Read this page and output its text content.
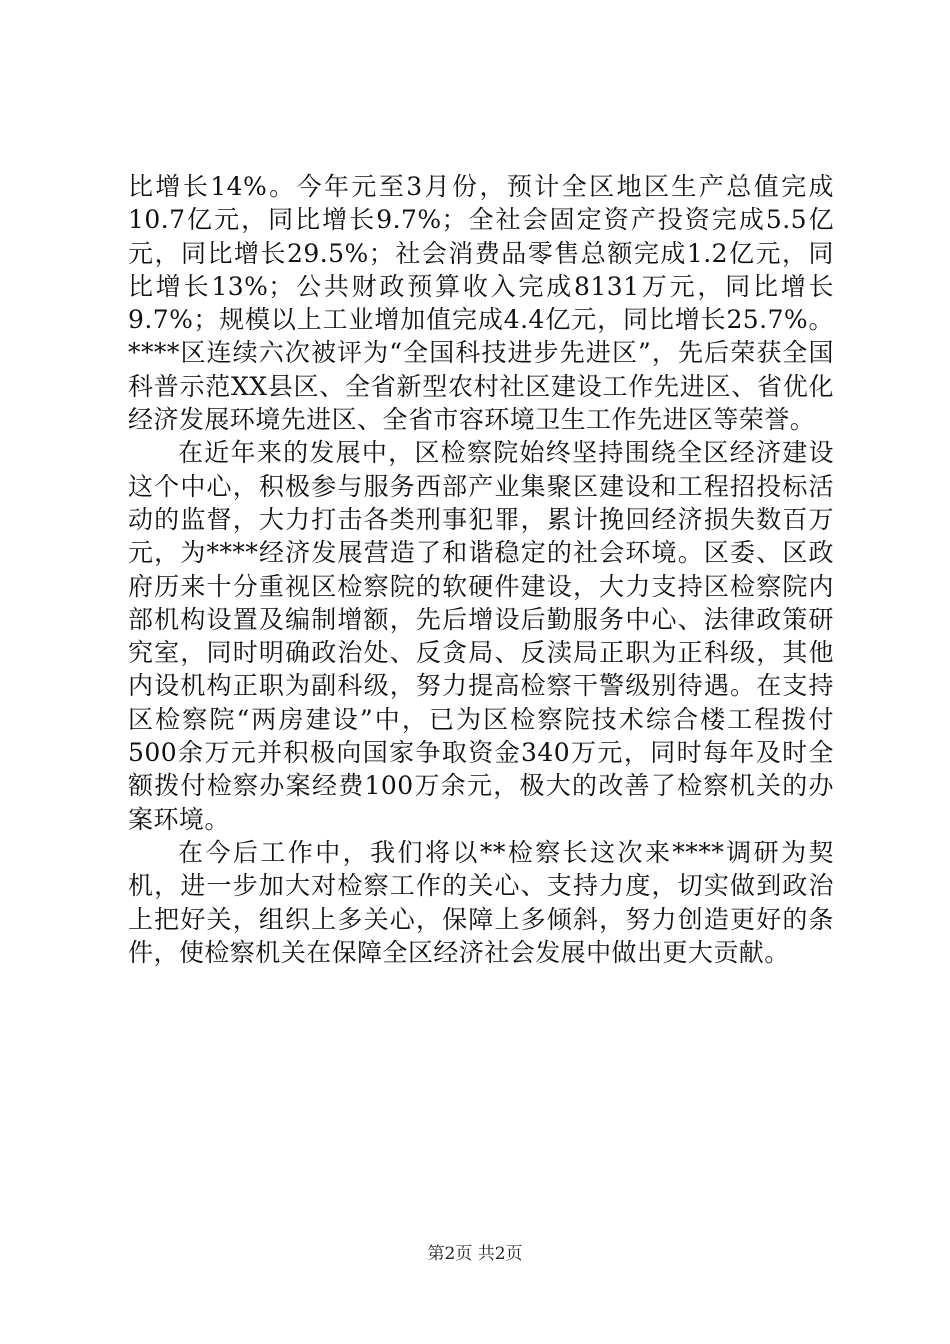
比增长14%。今年元至3月份，预计全区地区生产总值完成10.7亿元，同比增长9.7%；全社会固定资产投资完成5.5亿元，同比增长29.5%；社会消费品零售总额完成1.2亿元，同比增长13%；公共财政预算收入完成8131万元，同比增长9.7%；规模以上工业增加值完成4.4亿元，同比增长25.7%。****区连续六次被评为“全国科技进步先进区”，先后荣获全国科普示范XX县区、全省新型农村社区建设工作先进区、省优化经济发展环境先进区、全省市容环境卫生工作先进区等荣誉。

在近年来的发展中，区检察院始终坚持围绕全区经济建设这个中心，积极参与服务西部产业集聚区建设和工程招投标活动的监督，大力打击各类刑事犯罪，累计挽回经济损失数百万元，为****经济发展营造了和谐稳定的社会环境。区委、区政府历来十分重视区检察院的软硬件建设，大力支持区检察院内部机构设置及编制增额，先后增设后勤服务中心、法律政策研究室，同时明确政治处、反贪局、反渎局正职为正科级，其他内设机构正职为副科级，努力提高检察干警级别待遇。在支持区检察院“两房建设”中，已为区检察院技术综合楼工程拨付500余万元并积极向国家争取资金340万元，同时每年及时全额拨付检察办案经费100万余元，极大的改善了检察机关的办案环境。

在今后工作中，我们将以**检察长这次来****调研为契机，进一步加大对检察工作的关心、支持力度，切实做到政治上把好关，组织上多关心，保障上多倾斜，努力创造更好的条件，使检察机关在保障全区经济社会发展中做出更大贡献。

第2页 共2页
